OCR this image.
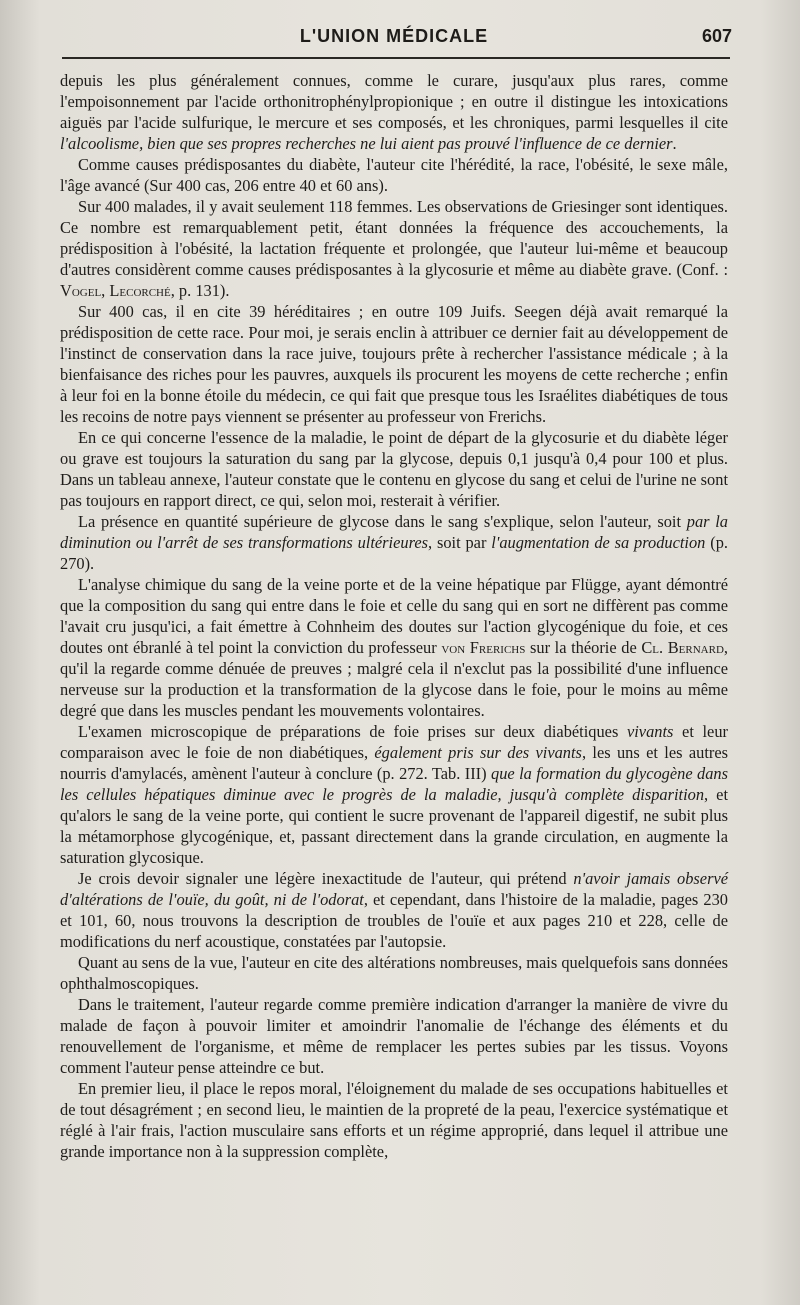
L'UNION MÉDICALE	607

depuis les plus généralement connues, comme le curare, jusqu'aux plus rares, comme l'empoisonnement par l'acide orthonitrophénylpropionique ; en outre il distingue les intoxications aiguës par l'acide sulfurique, le mercure et ses composés, et les chroniques, parmi lesquelles il cite l'alcoolisme, bien que ses propres recherches ne lui aient pas prouvé l'influence de ce dernier.

Comme causes prédisposantes du diabète, l'auteur cite l'hérédité, la race, l'obésité, le sexe mâle, l'âge avancé (Sur 400 cas, 206 entre 40 et 60 ans).

Sur 400 malades, il y avait seulement 118 femmes. Les observations de Griesinger sont identiques. Ce nombre est remarquablement petit, étant données la fréquence des accouchements, la prédisposition à l'obésité, la lactation fréquente et prolongée, que l'auteur lui-même et beaucoup d'autres considèrent comme causes prédisposantes à la glycosurie et même au diabète grave. (Conf. : Vogel, Lecorché, p. 131).

Sur 400 cas, il en cite 39 héréditaires ; en outre 109 Juifs. Seegen déjà avait remarqué la prédisposition de cette race. Pour moi, je serais enclin à attribuer ce dernier fait au développement de l'instinct de conservation dans la race juive, toujours prête à rechercher l'assistance médicale ; à la bienfaisance des riches pour les pauvres, auxquels ils procurent les moyens de cette recherche ; enfin à leur foi en la bonne étoile du médecin, ce qui fait que presque tous les Israélites diabétiques de tous les recoins de notre pays viennent se présenter au professeur von Frerichs.

En ce qui concerne l'essence de la maladie, le point de départ de la glycosurie et du diabète léger ou grave est toujours la saturation du sang par la glycose, depuis 0,1 jusqu'à 0,4 pour 100 et plus. Dans un tableau annexe, l'auteur constate que le contenu en glycose du sang et celui de l'urine ne sont pas toujours en rapport direct, ce qui, selon moi, resterait à vérifier.

La présence en quantité supérieure de glycose dans le sang s'explique, selon l'auteur, soit par la diminution ou l'arrêt de ses transformations ultérieures, soit par l'augmentation de sa production (p. 270).

L'analyse chimique du sang de la veine porte et de la veine hépatique par Flügge, ayant démontré que la composition du sang qui entre dans le foie et celle du sang qui en sort ne diffèrent pas comme l'avait cru jusqu'ici, a fait émettre à Cohnheim des doutes sur l'action glycogénique du foie, et ces doutes ont ébranlé à tel point la conviction du professeur von Frerichs sur la théorie de Cl. Bernard, qu'il la regarde comme dénuée de preuves ; malgré cela il n'exclut pas la possibilité d'une influence nerveuse sur la production et la transformation de la glycose dans le foie, pour le moins au même degré que dans les muscles pendant les mouvements volontaires.

L'examen microscopique de préparations de foie prises sur deux diabétiques vivants et leur comparaison avec le foie de non diabétiques, également pris sur des vivants, les uns et les autres nourris d'amylacés, amènent l'auteur à conclure (p. 272. Tab. III) que la formation du glycogène dans les cellules hépatiques diminue avec le progrès de la maladie, jusqu'à complète disparition, et qu'alors le sang de la veine porte, qui contient le sucre provenant de l'appareil digestif, ne subit plus la métamorphose glycogénique, et, passant directement dans la grande circulation, en augmente la saturation glycosique.

Je crois devoir signaler une légère inexactitude de l'auteur, qui prétend n'avoir jamais observé d'altérations de l'ouïe, du goût, ni de l'odorat, et cependant, dans l'histoire de la maladie, pages 230 et 101, 60, nous trouvons la description de troubles de l'ouïe et aux pages 210 et 228, celle de modifications du nerf acoustique, constatées par l'autopsie.

Quant au sens de la vue, l'auteur en cite des altérations nombreuses, mais quelquefois sans données ophthalmoscopiques.

Dans le traitement, l'auteur regarde comme première indication d'arranger la manière de vivre du malade de façon à pouvoir limiter et amoindrir l'anomalie de l'échange des éléments et du renouvellement de l'organisme, et même de remplacer les pertes subies par les tissus. Voyons comment l'auteur pense atteindre ce but.

En premier lieu, il place le repos moral, l'éloignement du malade de ses occupations habituelles et de tout désagrément ; en second lieu, le maintien de la propreté de la peau, l'exercice systématique et réglé à l'air frais, l'action musculaire sans efforts et un régime approprié, dans lequel il attribue une grande importance non à la suppression complète,
